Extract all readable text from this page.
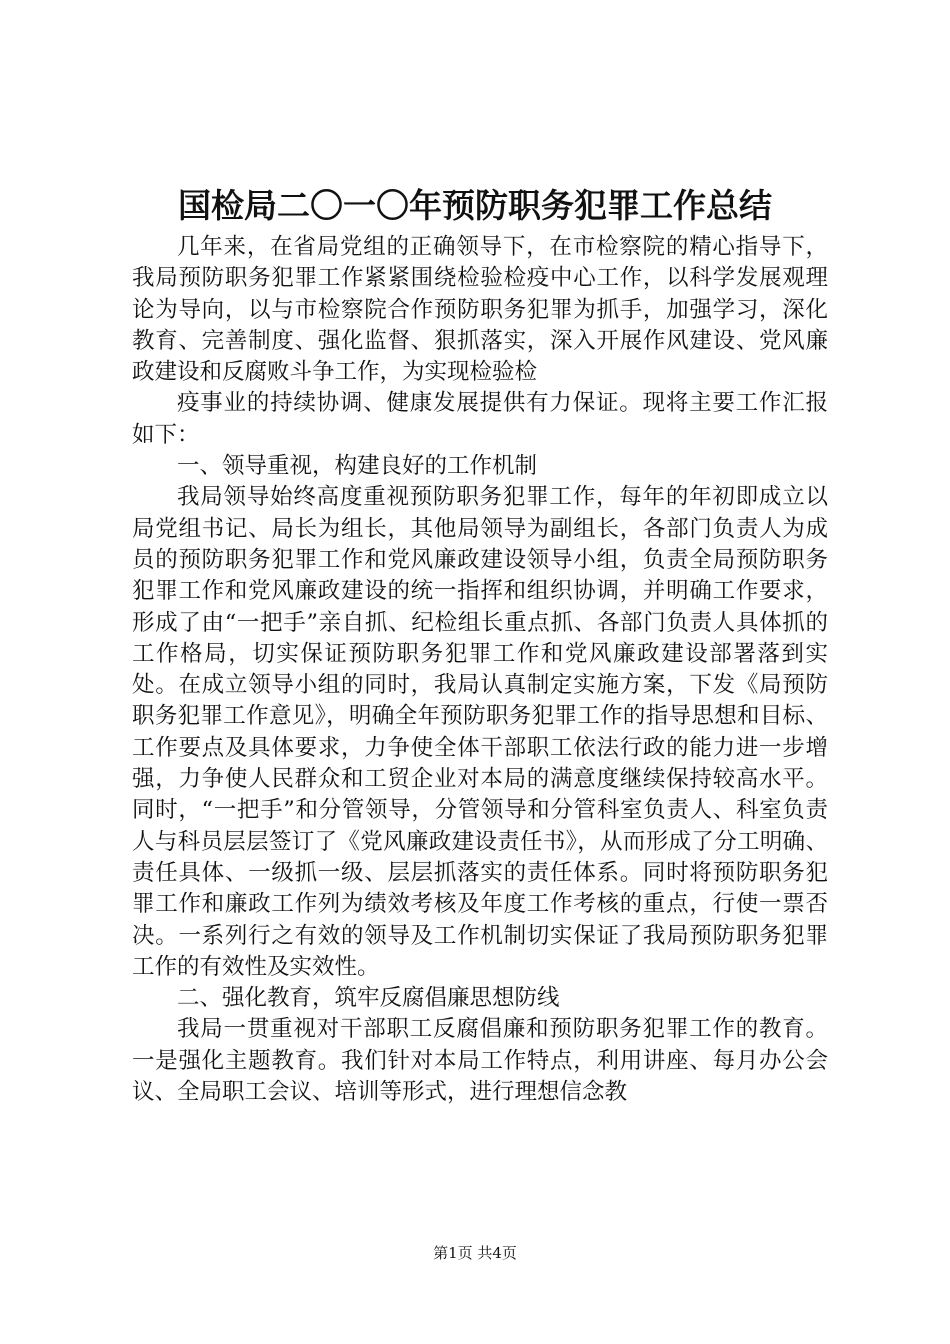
国检局二〇一〇年预防职务犯罪工作总结

几年来，在省局党组的正确领导下，在市检察院的精心指导下，我局预防职务犯罪工作紧紧围绕检验检疫中心工作，以科学发展观理论为导向，以与市检察院合作预防职务犯罪为抓手，加强学习，深化教育、完善制度、强化监督、狠抓落实，深入开展作风建设、党风廉政建设和反腐败斗争工作，为实现检验检

疫事业的持续协调、健康发展提供有力保证。现将主要工作汇报如下：

一、领导重视，构建良好的工作机制

我局领导始终高度重视预防职务犯罪工作，每年的年初即成立以局党组书记、局长为组长，其他局领导为副组长，各部门负责人为成员的预防职务犯罪工作和党风廉政建设领导小组，负责全局预防职务犯罪工作和党风廉政建设的统一指挥和组织协调，并明确工作要求，形成了由“一把手”亲自抓、纪检组长重点抓、各部门负责人具体抓的工作格局，切实保证预防职务犯罪工作和党风廉政建设部署落到实处。在成立领导小组的同时，我局认真制定实施方案，下发《局预防职务犯罪工作意见》，明确全年预防职务犯罪工作的指导思想和目标、工作要点及具体要求，力争使全体干部职工依法行政的能力进一步增强，力争使人民群众和工贸企业对本局的满意度继续保持较高水平。同时，“一把手”和分管领导，分管领导和分管科室负责人、科室负责人与科员层层签订了《党风廉政建设责任书》，从而形成了分工明确、责任具体、一级抓一级、层层抓落实的责任体系。同时将预防职务犯罪工作和廉政工作列为绩效考核及年度工作考核的重点，行使一票否决。一系列行之有效的领导及工作机制切实保证了我局预防职务犯罪工作的有效性及实效性。

二、强化教育，筑牢反腐倡廉思想防线

我局一贯重视对干部职工反腐倡廉和预防职务犯罪工作的教育。一是强化主题教育。我们针对本局工作特点，利用讲座、每月办公会议、全局职工会议、培训等形式，进行理想信念教

第1页 共4页
